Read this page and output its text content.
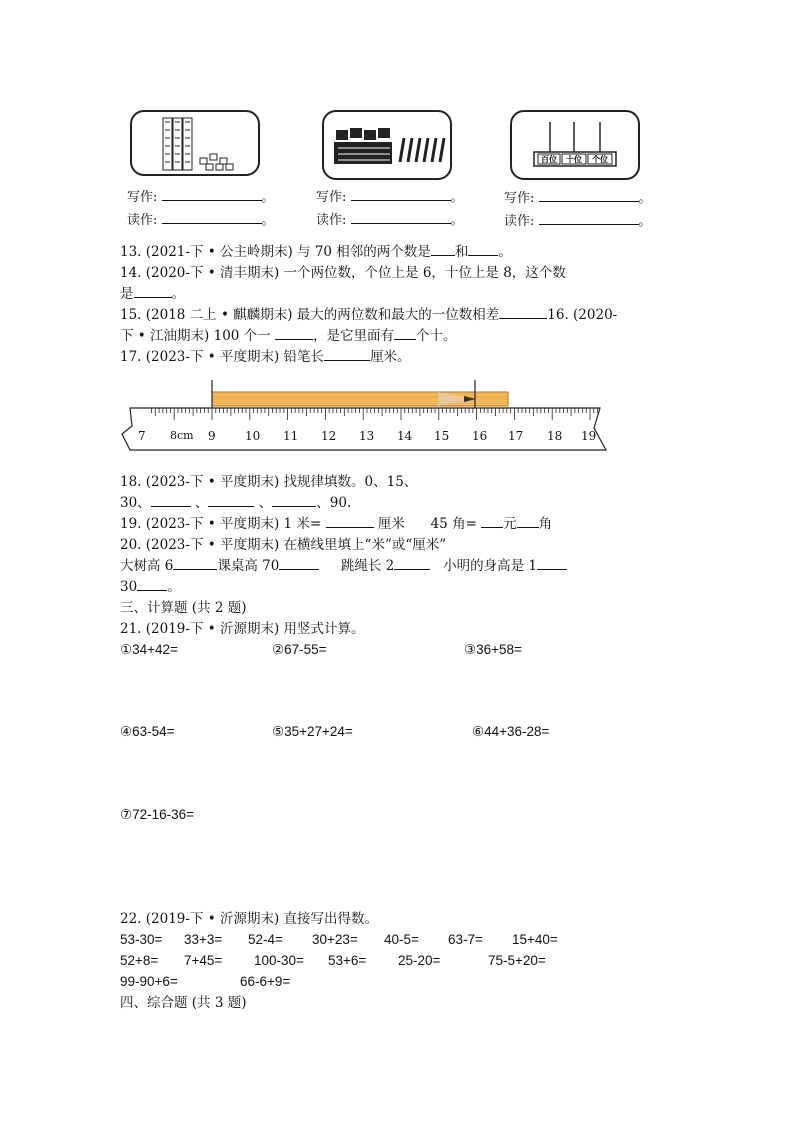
百位 十位 个位
写作:	。
读作:	。
写作:	。
读作:	。
写作:	。
读作:	。
13. (2021-下 • 公主岭期末) 与 70 相邻的两个数是 和 。
14. (2020-下 • 清丰期末) 一个两位数，个位上是 6，十位上是 8，这个数
是	。
15. (2018 二上 • 麒麟期末) 最大的两位数和最大的一位数相差	16. (2020-
下 • 江油期末) 100 个一	，是它里面有 个十。
17. (2023-下 • 平度期末) 铅笔长	厘米。
7 8cm 9 10 11 12 13 14 15 16 17 18 19
18. (2023-下 • 平度期末) 找规律填数。0、15、
30、	、	、	、90.
19. (2023-下 • 平度期末) 1 米=	厘米 45 角= 元 角
20. (2023-下 • 平度期末) 在横线里填上“米”或“厘米”
大树高 6	课桌高 70	跳绳长 2	小明的身高是 1
30 。
三、计算题 (共 2 题)
21. (2019-下 • 沂源期末) 用竖式计算。
①34+42=	②67-55=	③36+58=
④63-54=	⑤35+27+24=	⑥44+36-28=
⑦72-16-36=
22. (2019-下 • 沂源期末) 直接写出得数。
53-30= 33+3= 52-4= 30+23= 40-5= 63-7= 15+40=
52+8= 7+45= 100-30= 53+6= 25-20=	75-5+20=
99-90+6=	66-6+9=
四、综合题 (共 3 题)
